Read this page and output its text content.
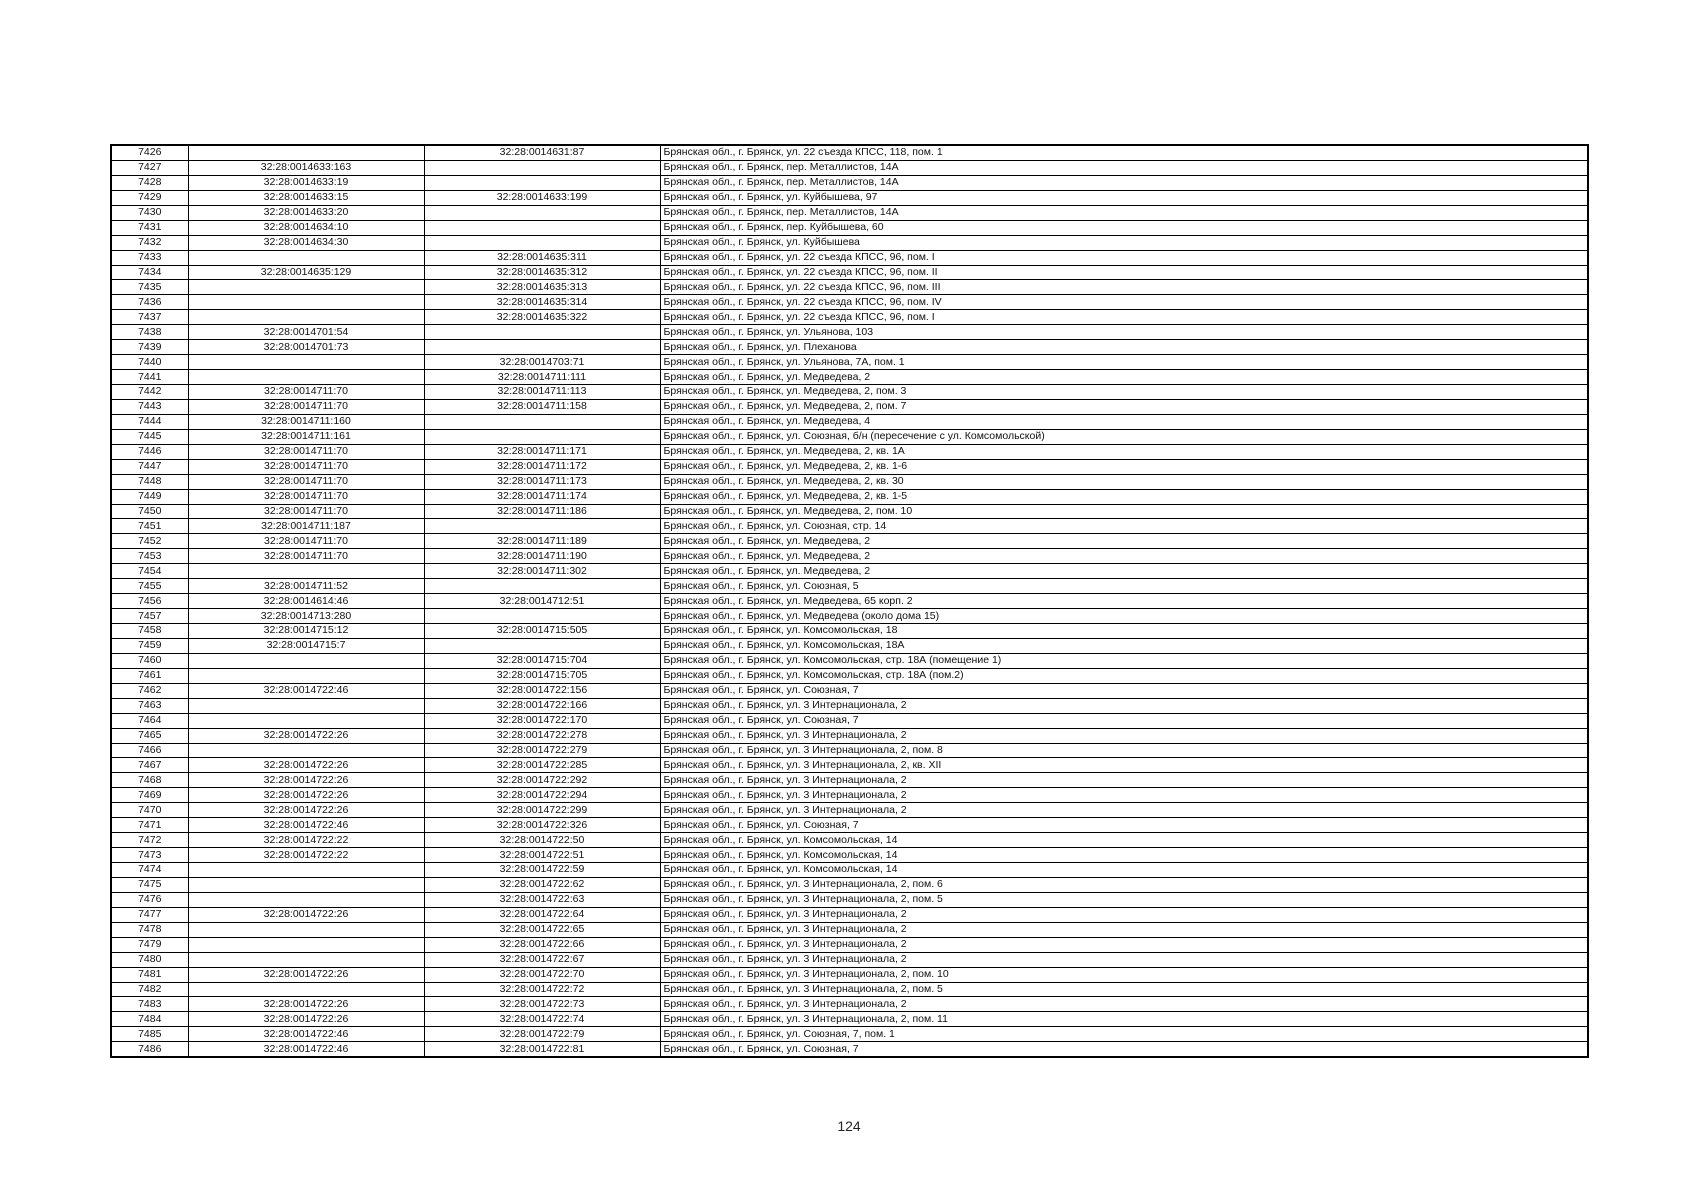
7426		32:28:0014631:87	Брянская обл., г. Брянск, ул. 22 съезда КПСС, 118, пом. 1
7427	32:28:0014633:163		Брянская обл., г. Брянск, пер. Металлистов, 14А
7428	32:28:0014633:19		Брянская обл., г. Брянск, пер. Металлистов, 14А
7429	32:28:0014633:15	32:28:0014633:199	Брянская обл., г. Брянск, ул. Куйбышева, 97
7430	32:28:0014633:20		Брянская обл., г. Брянск, пер. Металлистов, 14А
7431	32:28:0014634:10		Брянская обл., г. Брянск, пер. Куйбышева, 60
7432	32:28:0014634:30		Брянская обл., г. Брянск, ул. Куйбышева
7433		32:28:0014635:311	Брянская обл., г. Брянск, ул. 22 съезда КПСС, 96, пом. I
7434	32:28:0014635:129	32:28:0014635:312	Брянская обл., г. Брянск, ул. 22 съезда КПСС, 96, пом. II
7435		32:28:0014635:313	Брянская обл., г. Брянск, ул. 22 съезда КПСС, 96, пом. III
7436		32:28:0014635:314	Брянская обл., г. Брянск, ул. 22 съезда КПСС, 96, пом. IV
7437		32:28:0014635:322	Брянская обл., г. Брянск, ул. 22 съезда КПСС, 96, пом. I
7438	32:28:0014701:54		Брянская обл., г. Брянск, ул. Ульянова, 103
7439	32:28:0014701:73		Брянская обл., г. Брянск, ул. Плеханова
7440		32:28:0014703:71	Брянская обл., г. Брянск, ул. Ульянова, 7А, пом. 1
7441		32:28:0014711:111	Брянская обл., г. Брянск, ул. Медведева, 2
7442	32:28:0014711:70	32:28:0014711:113	Брянская обл., г. Брянск, ул. Медведева, 2, пом. 3
7443	32:28:0014711:70	32:28:0014711:158	Брянская обл., г. Брянск, ул. Медведева, 2, пом. 7
7444	32:28:0014711:160		Брянская обл., г. Брянск, ул. Медведева, 4
7445	32:28:0014711:161		Брянская обл., г. Брянск, ул. Союзная, б/н (пересечение с ул. Комсомольской)
7446	32:28:0014711:70	32:28:0014711:171	Брянская обл., г. Брянск, ул. Медведева, 2, кв. 1А
7447	32:28:0014711:70	32:28:0014711:172	Брянская обл., г. Брянск, ул. Медведева, 2, кв. 1-6
7448	32:28:0014711:70	32:28:0014711:173	Брянская обл., г. Брянск, ул. Медведева, 2, кв. 30
7449	32:28:0014711:70	32:28:0014711:174	Брянская обл., г. Брянск, ул. Медведева, 2, кв. 1-5
7450	32:28:0014711:70	32:28:0014711:186	Брянская обл., г. Брянск, ул. Медведева, 2, пом. 10
7451	32:28:0014711:187		Брянская обл., г. Брянск, ул. Союзная, стр. 14
7452	32:28:0014711:70	32:28:0014711:189	Брянская обл., г. Брянск, ул. Медведева, 2
7453	32:28:0014711:70	32:28:0014711:190	Брянская обл., г. Брянск, ул. Медведева, 2
7454		32:28:0014711:302	Брянская обл., г. Брянск, ул. Медведева, 2
7455	32:28:0014711:52		Брянская обл., г. Брянск, ул. Союзная, 5
7456	32:28:0014614:46	32:28:0014712:51	Брянская обл., г. Брянск, ул. Медведева, 65 корп. 2
7457	32:28:0014713:280		Брянская обл., г. Брянск, ул. Медведева (около дома 15)
7458	32:28:0014715:12	32:28:0014715:505	Брянская обл., г. Брянск, ул. Комсомольская, 18
7459	32:28:0014715:7		Брянская обл., г. Брянск, ул. Комсомольская, 18А
7460		32:28:0014715:704	Брянская обл., г. Брянск, ул. Комсомольская, стр. 18А (помещение 1)
7461		32:28:0014715:705	Брянская обл., г. Брянск, ул. Комсомольская, стр. 18А (пом.2)
7462	32:28:0014722:46	32:28:0014722:156	Брянская обл., г. Брянск, ул. Союзная, 7
7463		32:28:0014722:166	Брянская обл., г. Брянск, ул. 3 Интернационала, 2
7464		32:28:0014722:170	Брянская обл., г. Брянск, ул. Союзная, 7
7465	32:28:0014722:26	32:28:0014722:278	Брянская обл., г. Брянск, ул. 3 Интернационала, 2
7466		32:28:0014722:279	Брянская обл., г. Брянск, ул. 3 Интернационала, 2, пом. 8
7467	32:28:0014722:26	32:28:0014722:285	Брянская обл., г. Брянск, ул. 3 Интернационала, 2, кв. XII
7468	32:28:0014722:26	32:28:0014722:292	Брянская обл., г. Брянск, ул. 3 Интернационала, 2
7469	32:28:0014722:26	32:28:0014722:294	Брянская обл., г. Брянск, ул. 3 Интернационала, 2
7470	32:28:0014722:26	32:28:0014722:299	Брянская обл., г. Брянск, ул. 3 Интернационала, 2
7471	32:28:0014722:46	32:28:0014722:326	Брянская обл., г. Брянск, ул. Союзная, 7
7472	32:28:0014722:22	32:28:0014722:50	Брянская обл., г. Брянск, ул. Комсомольская, 14
7473	32:28:0014722:22	32:28:0014722:51	Брянская обл., г. Брянск, ул. Комсомольская, 14
7474		32:28:0014722:59	Брянская обл., г. Брянск, ул. Комсомольская, 14
7475		32:28:0014722:62	Брянская обл., г. Брянск, ул. 3 Интернационала, 2, пом. 6
7476		32:28:0014722:63	Брянская обл., г. Брянск, ул. 3 Интернационала, 2, пом. 5
7477	32:28:0014722:26	32:28:0014722:64	Брянская обл., г. Брянск, ул. 3 Интернационала, 2
7478		32:28:0014722:65	Брянская обл., г. Брянск, ул. 3 Интернационала, 2
7479		32:28:0014722:66	Брянская обл., г. Брянск, ул. 3 Интернационала, 2
7480		32:28:0014722:67	Брянская обл., г. Брянск, ул. 3 Интернационала, 2
7481	32:28:0014722:26	32:28:0014722:70	Брянская обл., г. Брянск, ул. 3 Интернационала, 2, пом. 10
7482		32:28:0014722:72	Брянская обл., г. Брянск, ул. 3 Интернационала, 2, пом. 5
7483	32:28:0014722:26	32:28:0014722:73	Брянская обл., г. Брянск, ул. 3 Интернационала, 2
7484	32:28:0014722:26	32:28:0014722:74	Брянская обл., г. Брянск, ул. 3 Интернационала, 2, пом. 11
7485	32:28:0014722:46	32:28:0014722:79	Брянская обл., г. Брянск, ул. Союзная, 7, пом. 1
7486	32:28:0014722:46	32:28:0014722:81	Брянская обл., г. Брянск, ул. Союзная, 7
124
